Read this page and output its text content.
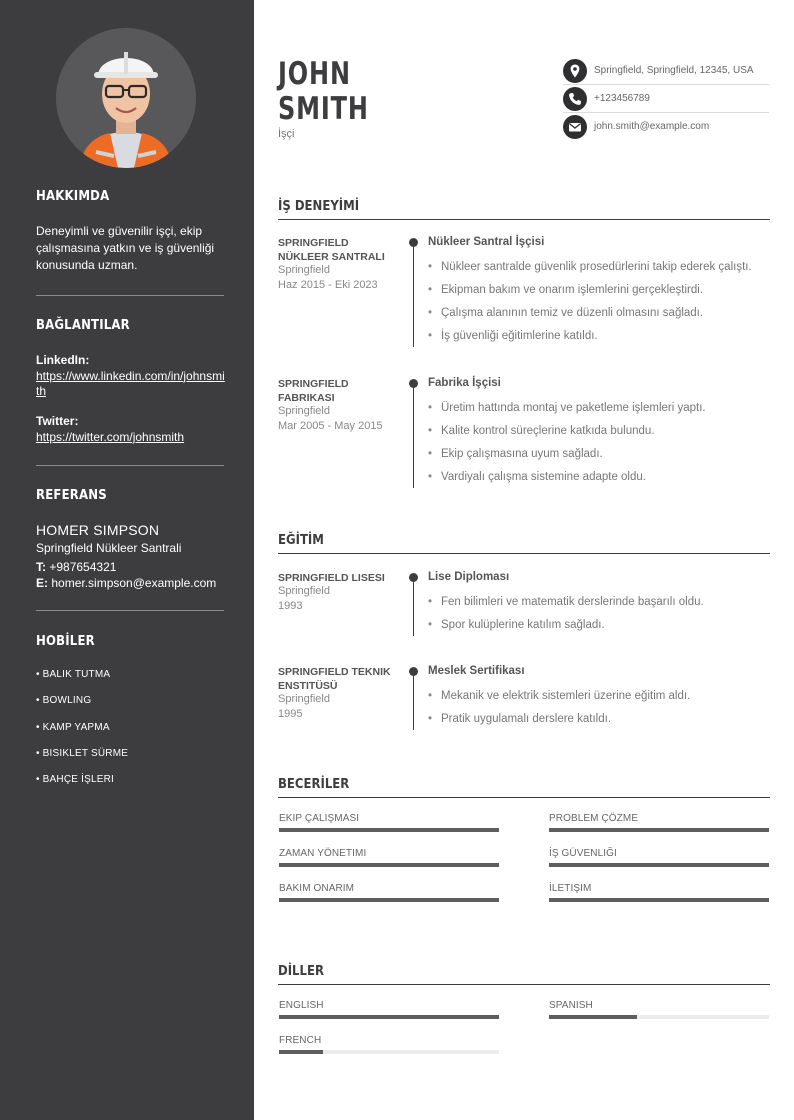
HAKKIMDA
Deneyimli ve güvenilir işçi, ekip çalışmasına yatkın ve iş güvenliği konusunda uzman.
BAĞLANTILAR
LinkedIn:
https://www.linkedin.com/in/johnsmith
Twitter:
https://twitter.com/johnsmith
REFERANS
HOMER SIMPSON
Springfield Nükleer Santrali
T: +987654321
E: homer.simpson@example.com
HOBİLER
• BALIK TUTMA
• BOWLING
• KAMP YAPMA
• BISIKLET SÜRME
• BAHÇE İŞLERI
JOHN
SMITH
İşçi
Springfield, Springfield, 12345, USA
+123456789
john.smith@example.com
İŞ DENEYİMİ
SPRINGFIELD NÜKLEER SANTRALI
Springfield
Haz 2015 - Eki 2023
Nükleer Santral İşçisi
• Nükleer santralde güvenlik prosedürlerini takip ederek çalıştı.
• Ekipman bakım ve onarım işlemlerini gerçekleştirdi.
• Çalışma alanının temiz ve düzenli olmasını sağladı.
• İş güvenliği eğitimlerine katıldı.
SPRINGFIELD FABRIKASI
Springfield
Mar 2005 - May 2015
Fabrika İşçisi
• Üretim hattında montaj ve paketleme işlemleri yaptı.
• Kalite kontrol süreçlerine katkıda bulundu.
• Ekip çalışmasına uyum sağladı.
• Vardiyalı çalışma sistemine adapte oldu.
EĞİTİM
SPRINGFIELD LISESI
Springfield
1993
Lise Diploması
• Fen bilimleri ve matematik derslerinde başarılı oldu.
• Spor kulüplerine katılım sağladı.
SPRINGFIELD TEKNIK ENSTITÜSÜ
Springfield
1995
Meslek Sertifikası
• Mekanik ve elektrik sistemleri üzerine eğitim aldı.
• Pratik uygulamalı derslere katıldı.
BECERİLER
EKIP ÇALIŞMASI	PROBLEM ÇÖZME
ZAMAN YÖNETIMI	İŞ GÜVENLIĞI
BAKIM ONARIM	İLETIŞIM
DİLLER
ENGLISH	SPANISH
FRENCH
